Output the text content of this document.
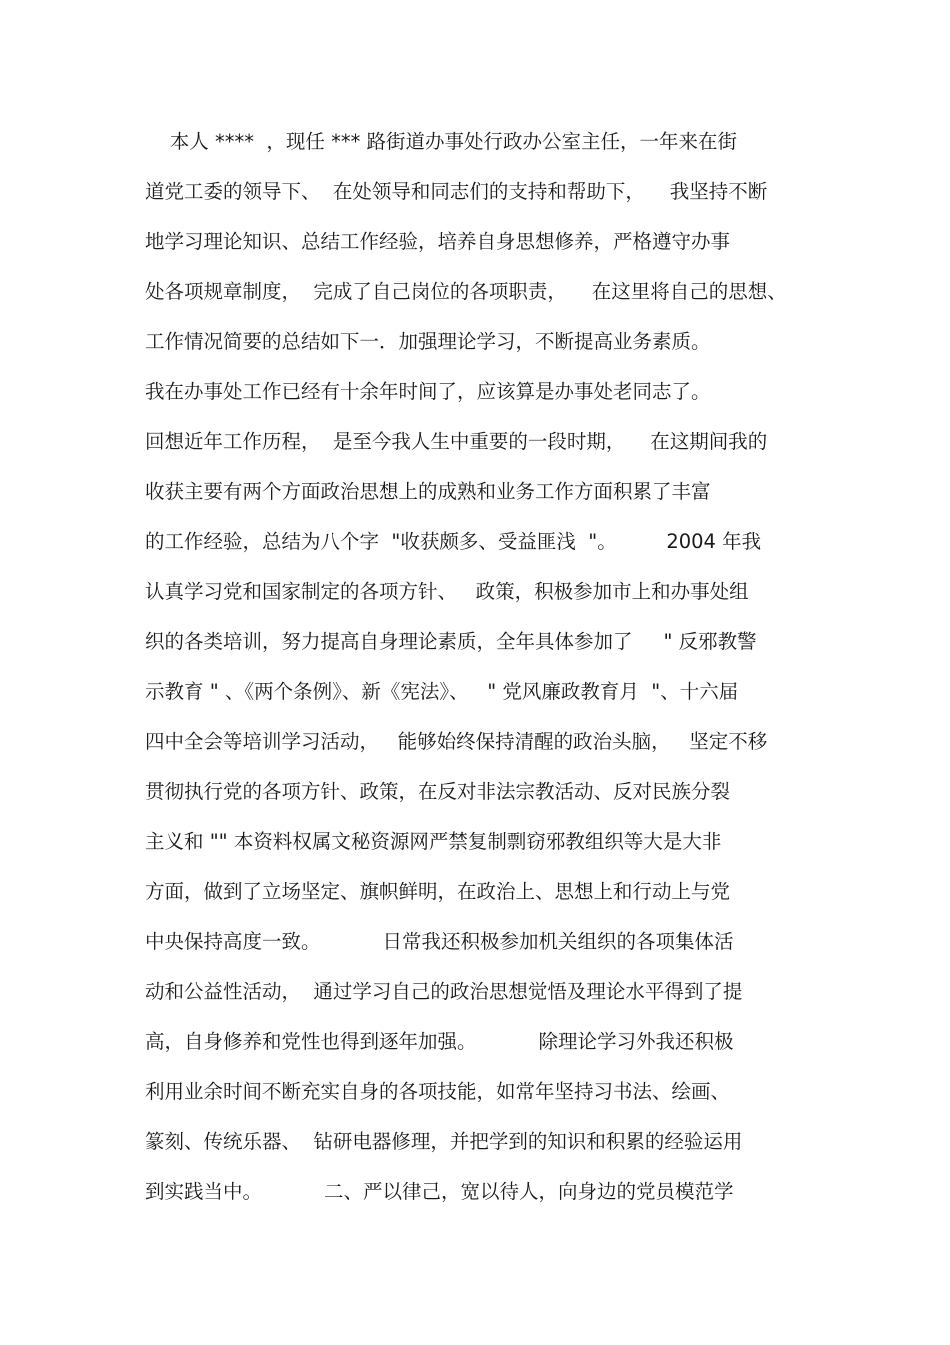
本人 ****  ，现任 *** 路街道办事处行政办公室主任，一年来在街
道党工委的领导下、  在处领导和同志们的支持和帮助下，    我坚持不断
地学习理论知识、总结工作经验，培养自身思想修养，严格遵守办事
处各项规章制度，  完成了自己岗位的各项职责，    在这里将自己的思想、
工作情况简要的总结如下一．加强理论学习，不断提高业务素质。
我在办事处工作已经有十余年时间了，应该算是办事处老同志了。
回想近年工作历程，  是至今我人生中重要的一段时期，    在这期间我的
收获主要有两个方面政治思想上的成熟和业务工作方面积累了丰富
的工作经验，总结为八个字  "收获颇多、受益匪浅  "。        2004 年我
认真学习党和国家制定的各项方针、   政策，积极参加市上和办事处组
织的各类培训，努力提高自身理论素质，全年具体参加了     " 反邪教警
示教育 " 、《两个条例》、新《宪法》、   " 党风廉政教育月  "、十六届
四中全会等培训学习活动，   能够始终保持清醒的政治头脑，   坚定不移
贯彻执行党的各项方针、政策，在反对非法宗教活动、反对民族分裂
主义和 "" 本资料权属文秘资源网严禁复制剽窃邪教组织等大是大非
方面，做到了立场坚定、旗帜鲜明，在政治上、思想上和行动上与党
中央保持高度一致。          日常我还积极参加机关组织的各项集体活
动和公益性活动，  通过学习自己的政治思想觉悟及理论水平得到了提
高，自身修养和党性也得到逐年加强。          除理论学习外我还积极
利用业余时间不断充实自身的各项技能，如常年坚持习书法、绘画、
篆刻、传统乐器、  钻研电器修理，并把学到的知识和积累的经验运用
到实践当中。          二、严以律己，宽以待人，向身边的党员模范学
